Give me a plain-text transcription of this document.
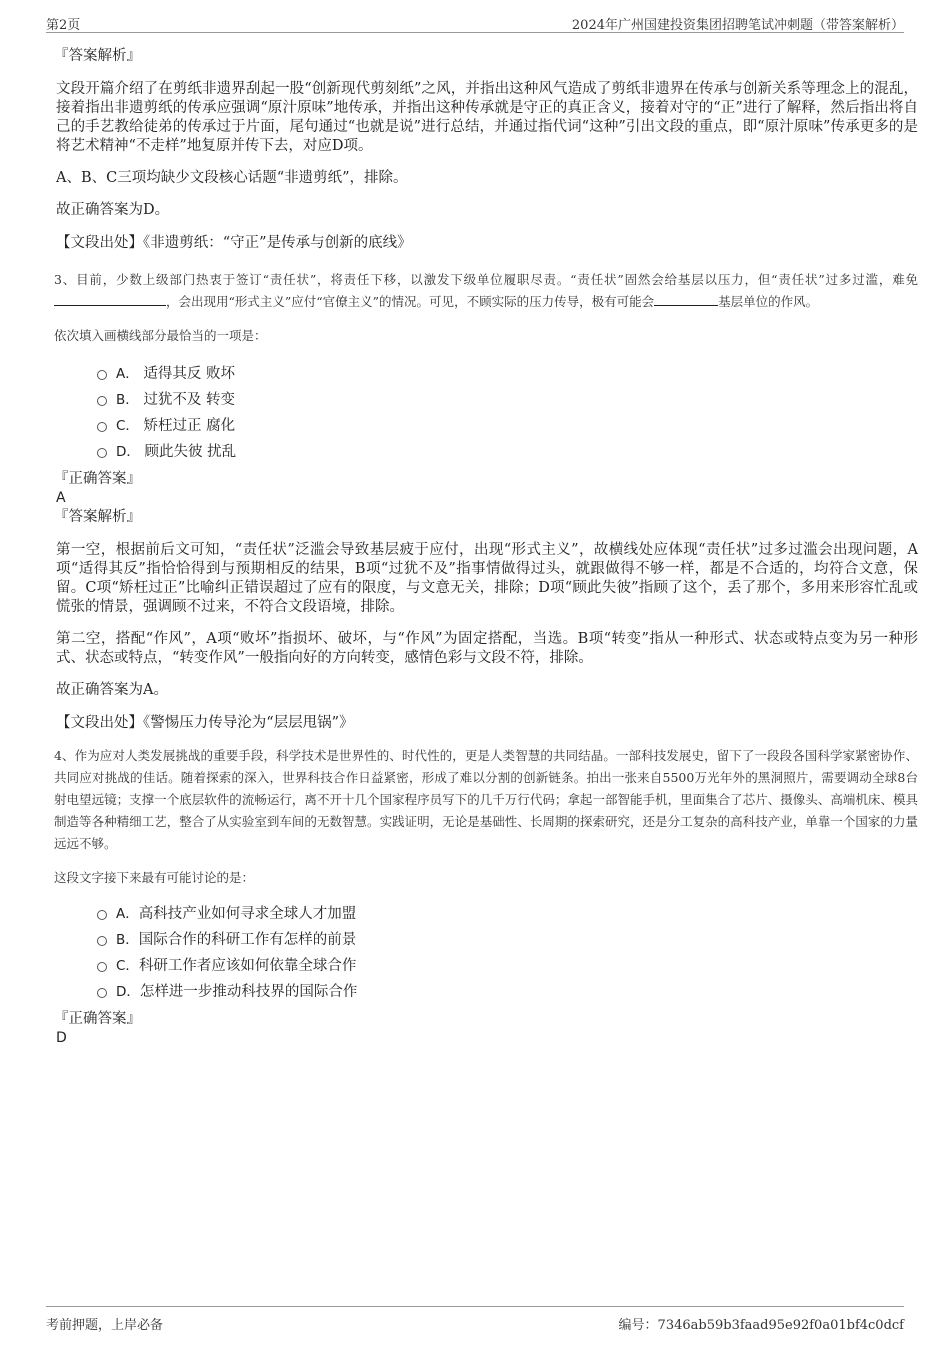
第2页	2024年广州国建投资集团招聘笔试冲刺题（带答案解析）

『答案解析』

文段开篇介绍了在剪纸非遗界刮起一股“创新现代剪刻纸”之风，并指出这种风气造成了剪纸非遗界在传承与创新关系等理念上的混乱，接着指出非遗剪纸的传承应强调“原汁原味”地传承，并指出这种传承就是守正的真正含义，接着对守的“正”进行了解释，然后指出将自己的手艺教给徒弟的传承过于片面，尾句通过“也就是说”进行总结，并通过指代词“这种”引出文段的重点，即“原汁原味”传承更多的是将艺术精神“不走样”地复原并传下去，对应D项。

A、B、C三项均缺少文段核心话题“非遗剪纸”，排除。

故正确答案为D。

【文段出处】《非遗剪纸：“守正”是传承与创新的底线》

3、目前，少数上级部门热衷于签订“责任状”，将责任下移，以激发下级单位履职尽责。“责任状”固然会给基层以压力，但“责任状”过多过滥，难免，会出现用“形式主义”应付“官僚主义”的情况。可见，不顾实际的压力传导，极有可能会	基层单位的作风。

依次填入画横线部分最恰当的一项是：

A． 适得其反 败坏
B． 过犹不及 转变
C． 矫枉过正 腐化
D． 顾此失彼 扰乱

『正确答案』

A

『答案解析』

第一空，根据前后文可知，“责任状”泛滥会导致基层疲于应付，出现“形式主义”，故横线处应体现“责任状”过多过滥会出现问题，A项“适得其反”指恰恰得到与预期相反的结果，B项“过犹不及”指事情做得过头，就跟做得不够一样，都是不合适的，均符合文意，保留。C项“矫枉过正”比喻纠正错误超过了应有的限度，与文意无关，排除；D项“顾此失彼”指顾了这个，丢了那个，多用来形容忙乱或慌张的情景，强调顾不过来，不符合文段语境，排除。

第二空，搭配“作风”，A项“败坏”指损坏、破坏，与“作风”为固定搭配，当选。B项“转变”指从一种形式、状态或特点变为另一种形式、状态或特点，“转变作风”一般指向好的方向转变，感情色彩与文段不符，排除。

故正确答案为A。

【文段出处】《警惕压力传导沦为“层层甩锅”》

4、作为应对人类发展挑战的重要手段，科学技术是世界性的、时代性的，更是人类智慧的共同结晶。一部科技发展史，留下了一段段各国科学家紧密协作、共同应对挑战的佳话。随着探索的深入，世界科技合作日益紧密，形成了难以分割的创新链条。拍出一张来自5500万光年外的黑洞照片，需要调动全球8台射电望远镜；支撑一个底层软件的流畅运行，离不开十几个国家程序员写下的几千万行代码；拿起一部智能手机，里面集合了芯片、摄像头、高端机床、模具制造等各种精细工艺，整合了从实验室到车间的无数智慧。实践证明，无论是基础性、长周期的探索研究，还是分工复杂的高科技产业，单靠一个国家的力量远远不够。

这段文字接下来最有可能讨论的是：

A．高科技产业如何寻求全球人才加盟
B．国际合作的科研工作有怎样的前景
C．科研工作者应该如何依靠全球合作
D．怎样进一步推动科技界的国际合作

『正确答案』

D

考前押题，上岸必备	编号：7346ab59b3faad95e92f0a01bf4c0dcf
